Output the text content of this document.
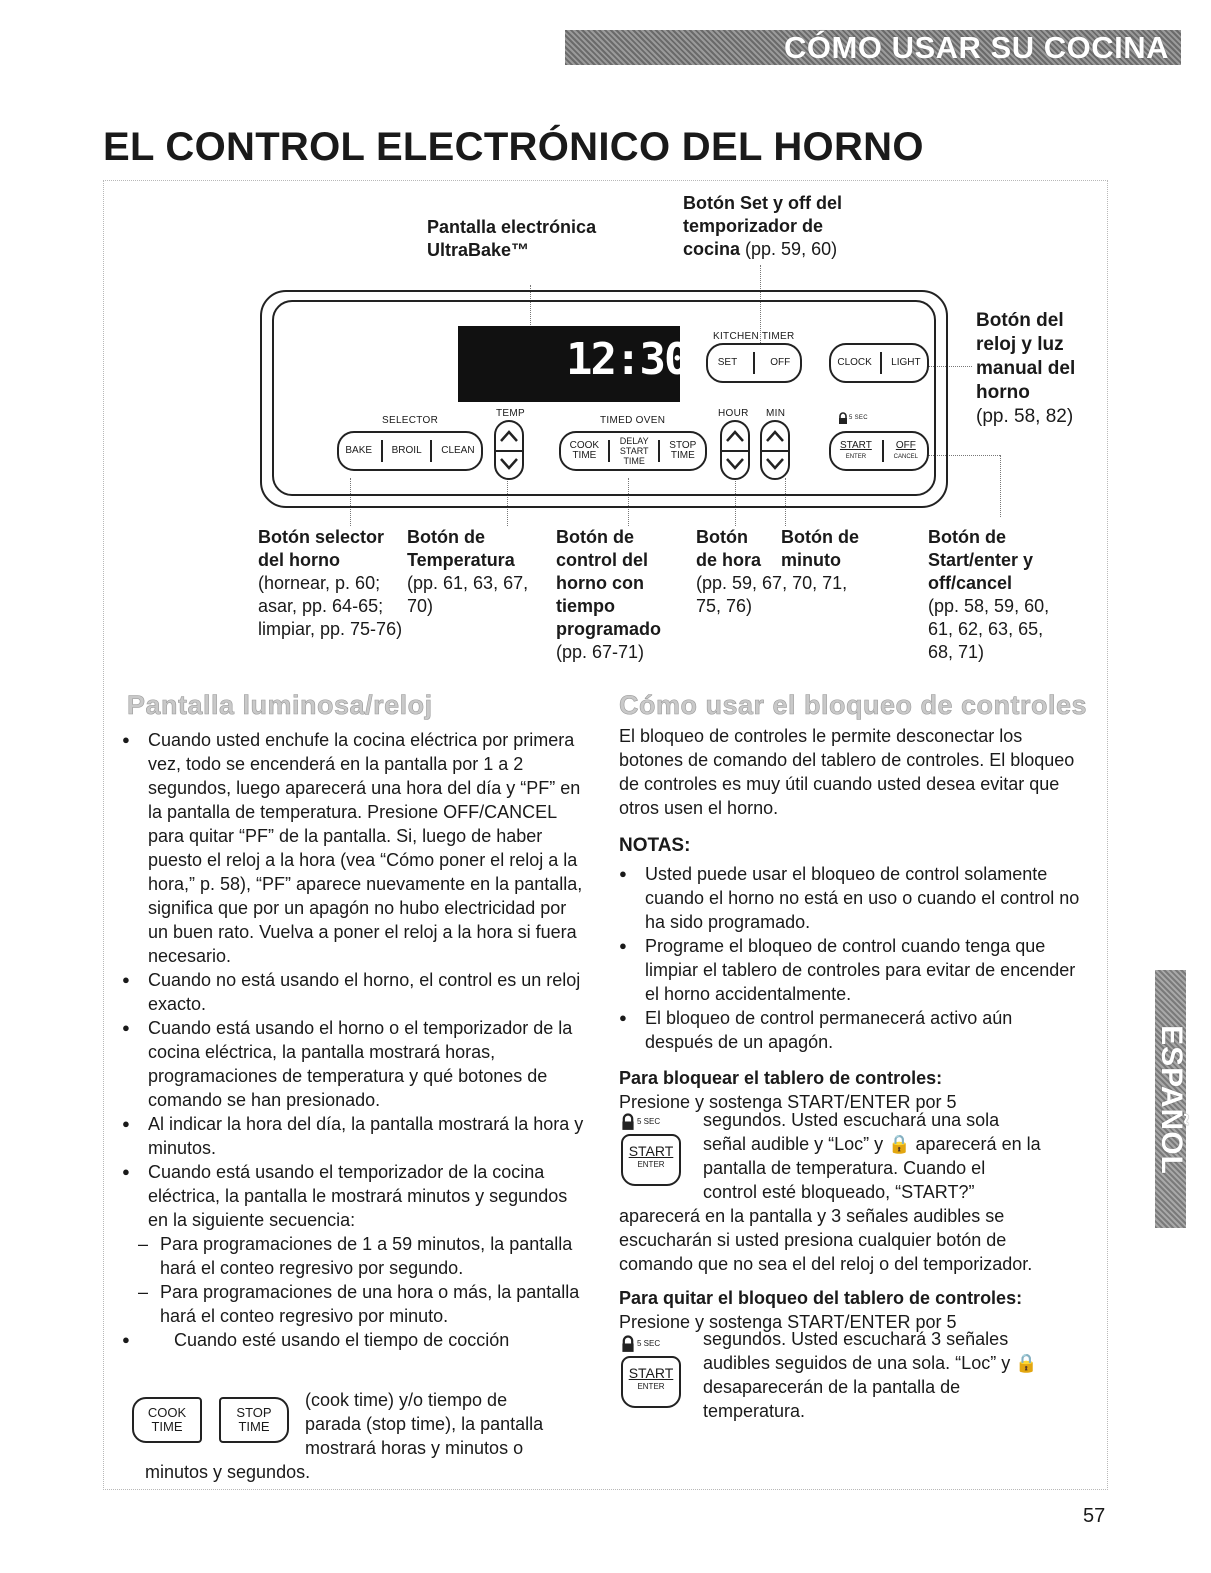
CÓMO USAR SU COCINA
EL CONTROL ELECTRÓNICO DEL HORNO
Pantalla electrónica
UltraBake™
Botón Set y off del
temporizador de
cocina (pp. 59, 60)
Botón del
reloj y luz
manual del
horno
(pp. 58, 82)
12:30 KITCHEN TIMER
SET	OFF	CLOCK	LIGHT
SELECTOR
BAKE	BROIL	CLEAN
TEMP
TIMED OVEN
COOK
TIME
DELAY
START
TIME
STOP
TIME
HOUR MIN	5 SEC
START
ENTER
OFF
CANCEL
Botón selector
del horno
(hornear, p. 60;
asar, pp. 64-65;
limpiar, pp. 75-76)
Botón de
Temperatura
(pp. 61, 63, 67,
70)
Botón de
control del
horno con
tiempo
programado
(pp. 67-71)
Botón
de hora
(pp. 59, 67, 70, 71,
75, 76)
Botón de
minuto
Botón de
Start/enter y
off/cancel
(pp. 58, 59, 60,
61, 62, 63, 65,
68, 71)
Pantalla luminosa/reloj
● Cuando usted enchufe la cocina eléctrica por primera vez, todo se encenderá en la pantalla por 1 a 2 segundos, luego aparecerá una hora del día y “PF” en la pantalla de temperatura. Presione OFF/CANCEL para quitar “PF” de la pantalla. Si, luego de haber puesto el reloj a la hora (vea “Cómo poner el reloj a la hora,” p. 58), “PF” aparece nuevamente en la pantalla, significa que por un apagón no hubo electricidad por un buen rato. Vuelva a poner el reloj a la hora si fuera necesario.
● Cuando no está usando el horno, el control es un reloj exacto.
● Cuando está usando el horno o el temporizador de la cocina eléctrica, la pantalla mostrará horas, programaciones de temperatura y qué botones de comando se han presionado.
● Al indicar la hora del día, la pantalla mostrará la hora y minutos.
● Cuando está usando el temporizador de la cocina eléctrica, la pantalla le mostrará minutos y segundos en la siguiente secuencia:
– Para programaciones de 1 a 59 minutos, la pantalla hará el conteo regresivo por segundo.
– Para programaciones de una hora o más, la pantalla hará el conteo regresivo por minuto.
● Cuando esté usando el tiempo de cocción
COOK
TIME
STOP
TIME
(cook time) y/o tiempo de
parada (stop time), la pantalla
mostrará horas y minutos o
minutos y segundos.
Cómo usar el bloqueo de controles
El bloqueo de controles le permite desconectar los botones de comando del tablero de controles. El bloqueo de controles es muy útil cuando usted desea evitar que otros usen el horno.
NOTAS:
● Usted puede usar el bloqueo de control solamente cuando el horno no está en uso o cuando el control no ha sido programado.
● Programe el bloqueo de control cuando tenga que limpiar el tablero de controles para evitar de encender el horno accidentalmente.
● El bloqueo de control permanecerá activo aún después de un apagón.
Para bloquear el tablero de controles:
Presione y sostenga START/ENTER por 5
5 SEC
START
ENTER
segundos. Usted escuchará una sola
señal audible y “Loc” y 🔒 aparecerá en la
pantalla de temperatura. Cuando el
control esté bloqueado, “START?”
aparecerá en la pantalla y 3 señales audibles se escucharán si usted presiona cualquier botón de comando que no sea el del reloj o del temporizador.
Para quitar el bloqueo del tablero de controles:
Presione y sostenga START/ENTER por 5
5 SEC
START
ENTER
segundos. Usted escuchará 3 señales
audibles seguidos de una sola. “Loc” y 🔒
desaparecerán de la pantalla de
temperatura.
ESPAÑOL
57
